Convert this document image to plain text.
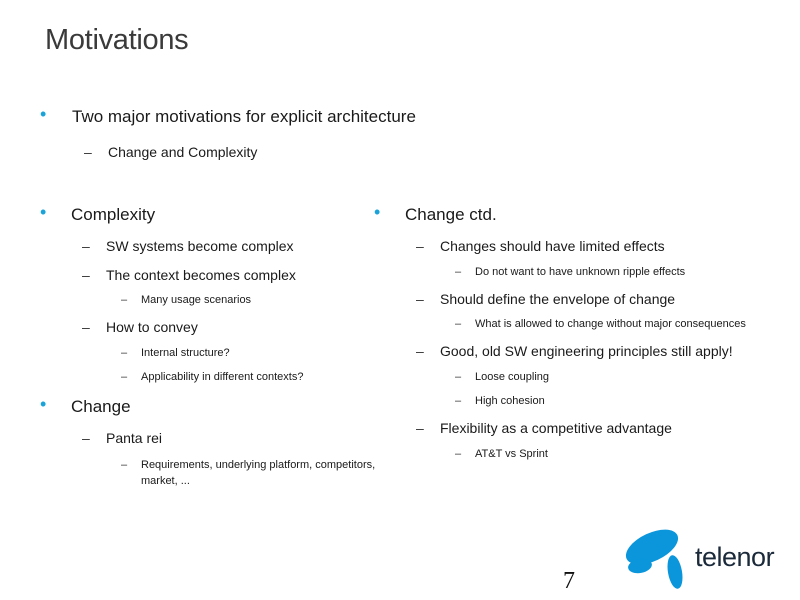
Motivations
• Two major motivations for explicit architecture
– Change and Complexity
• Complexity
– SW systems become complex
– The context becomes complex
– Many usage scenarios
– How to convey
– Internal structure?
– Applicability in different contexts?
• Change
– Panta rei
– Requirements, underlying platform, competitors, market, ...
• Change ctd.
– Changes should have limited effects
– Do not want to have unknown ripple effects
– Should define the envelope of change
– What is allowed to change without major consequences
– Good, old SW engineering principles still apply!
– Loose coupling
– High cohesion
– Flexibility as a competitive advantage
– AT&T vs Sprint
7
telenor
